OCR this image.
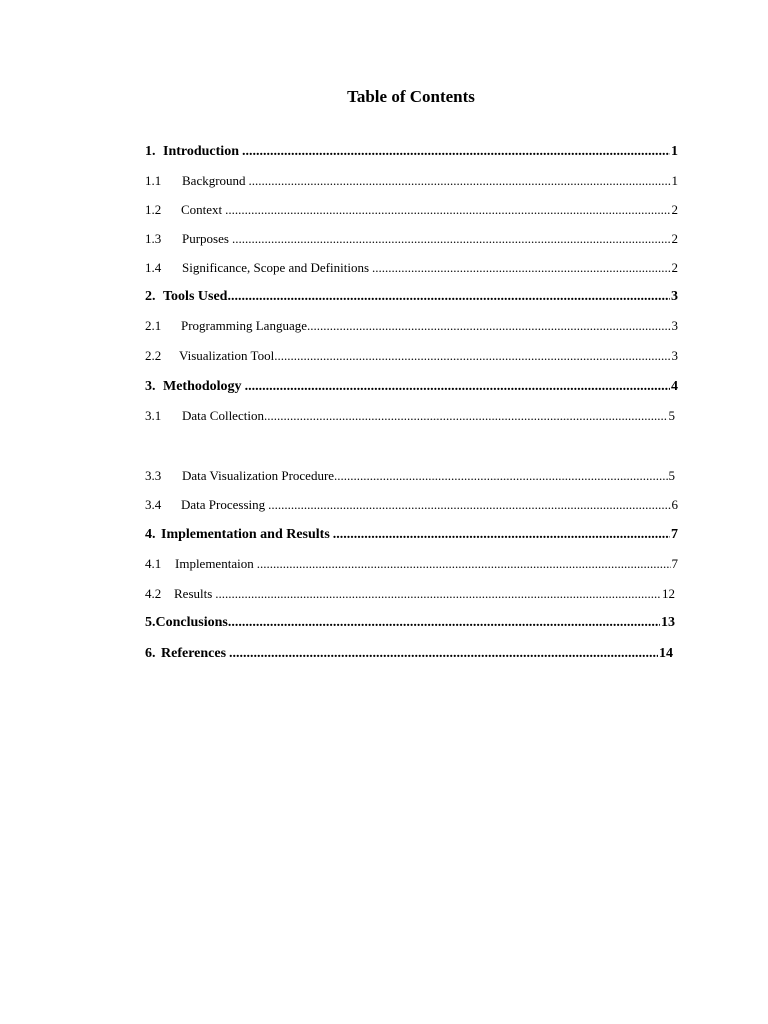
Table of Contents
1. Introduction .....	1
1.1	Background .....	1
1.2	Context .....	2
1.3	Purposes .....	2
1.4	Significance, Scope and Definitions .....	2
2. Tools Used .....	3
2.1	Programming Language .....	3
2.2	Visualization Tool .....	3
3. Methodology .....	4
3.1	Data Collection .....	5
3.3	Data Visualization Procedure .....	5
3.4	Data Processing .....	6
4. Implementation and Results .....	7
4.1	Implementaion .....	7
4.2 Results .....	12
5. Conclusions .....	13
6. References .....	14
